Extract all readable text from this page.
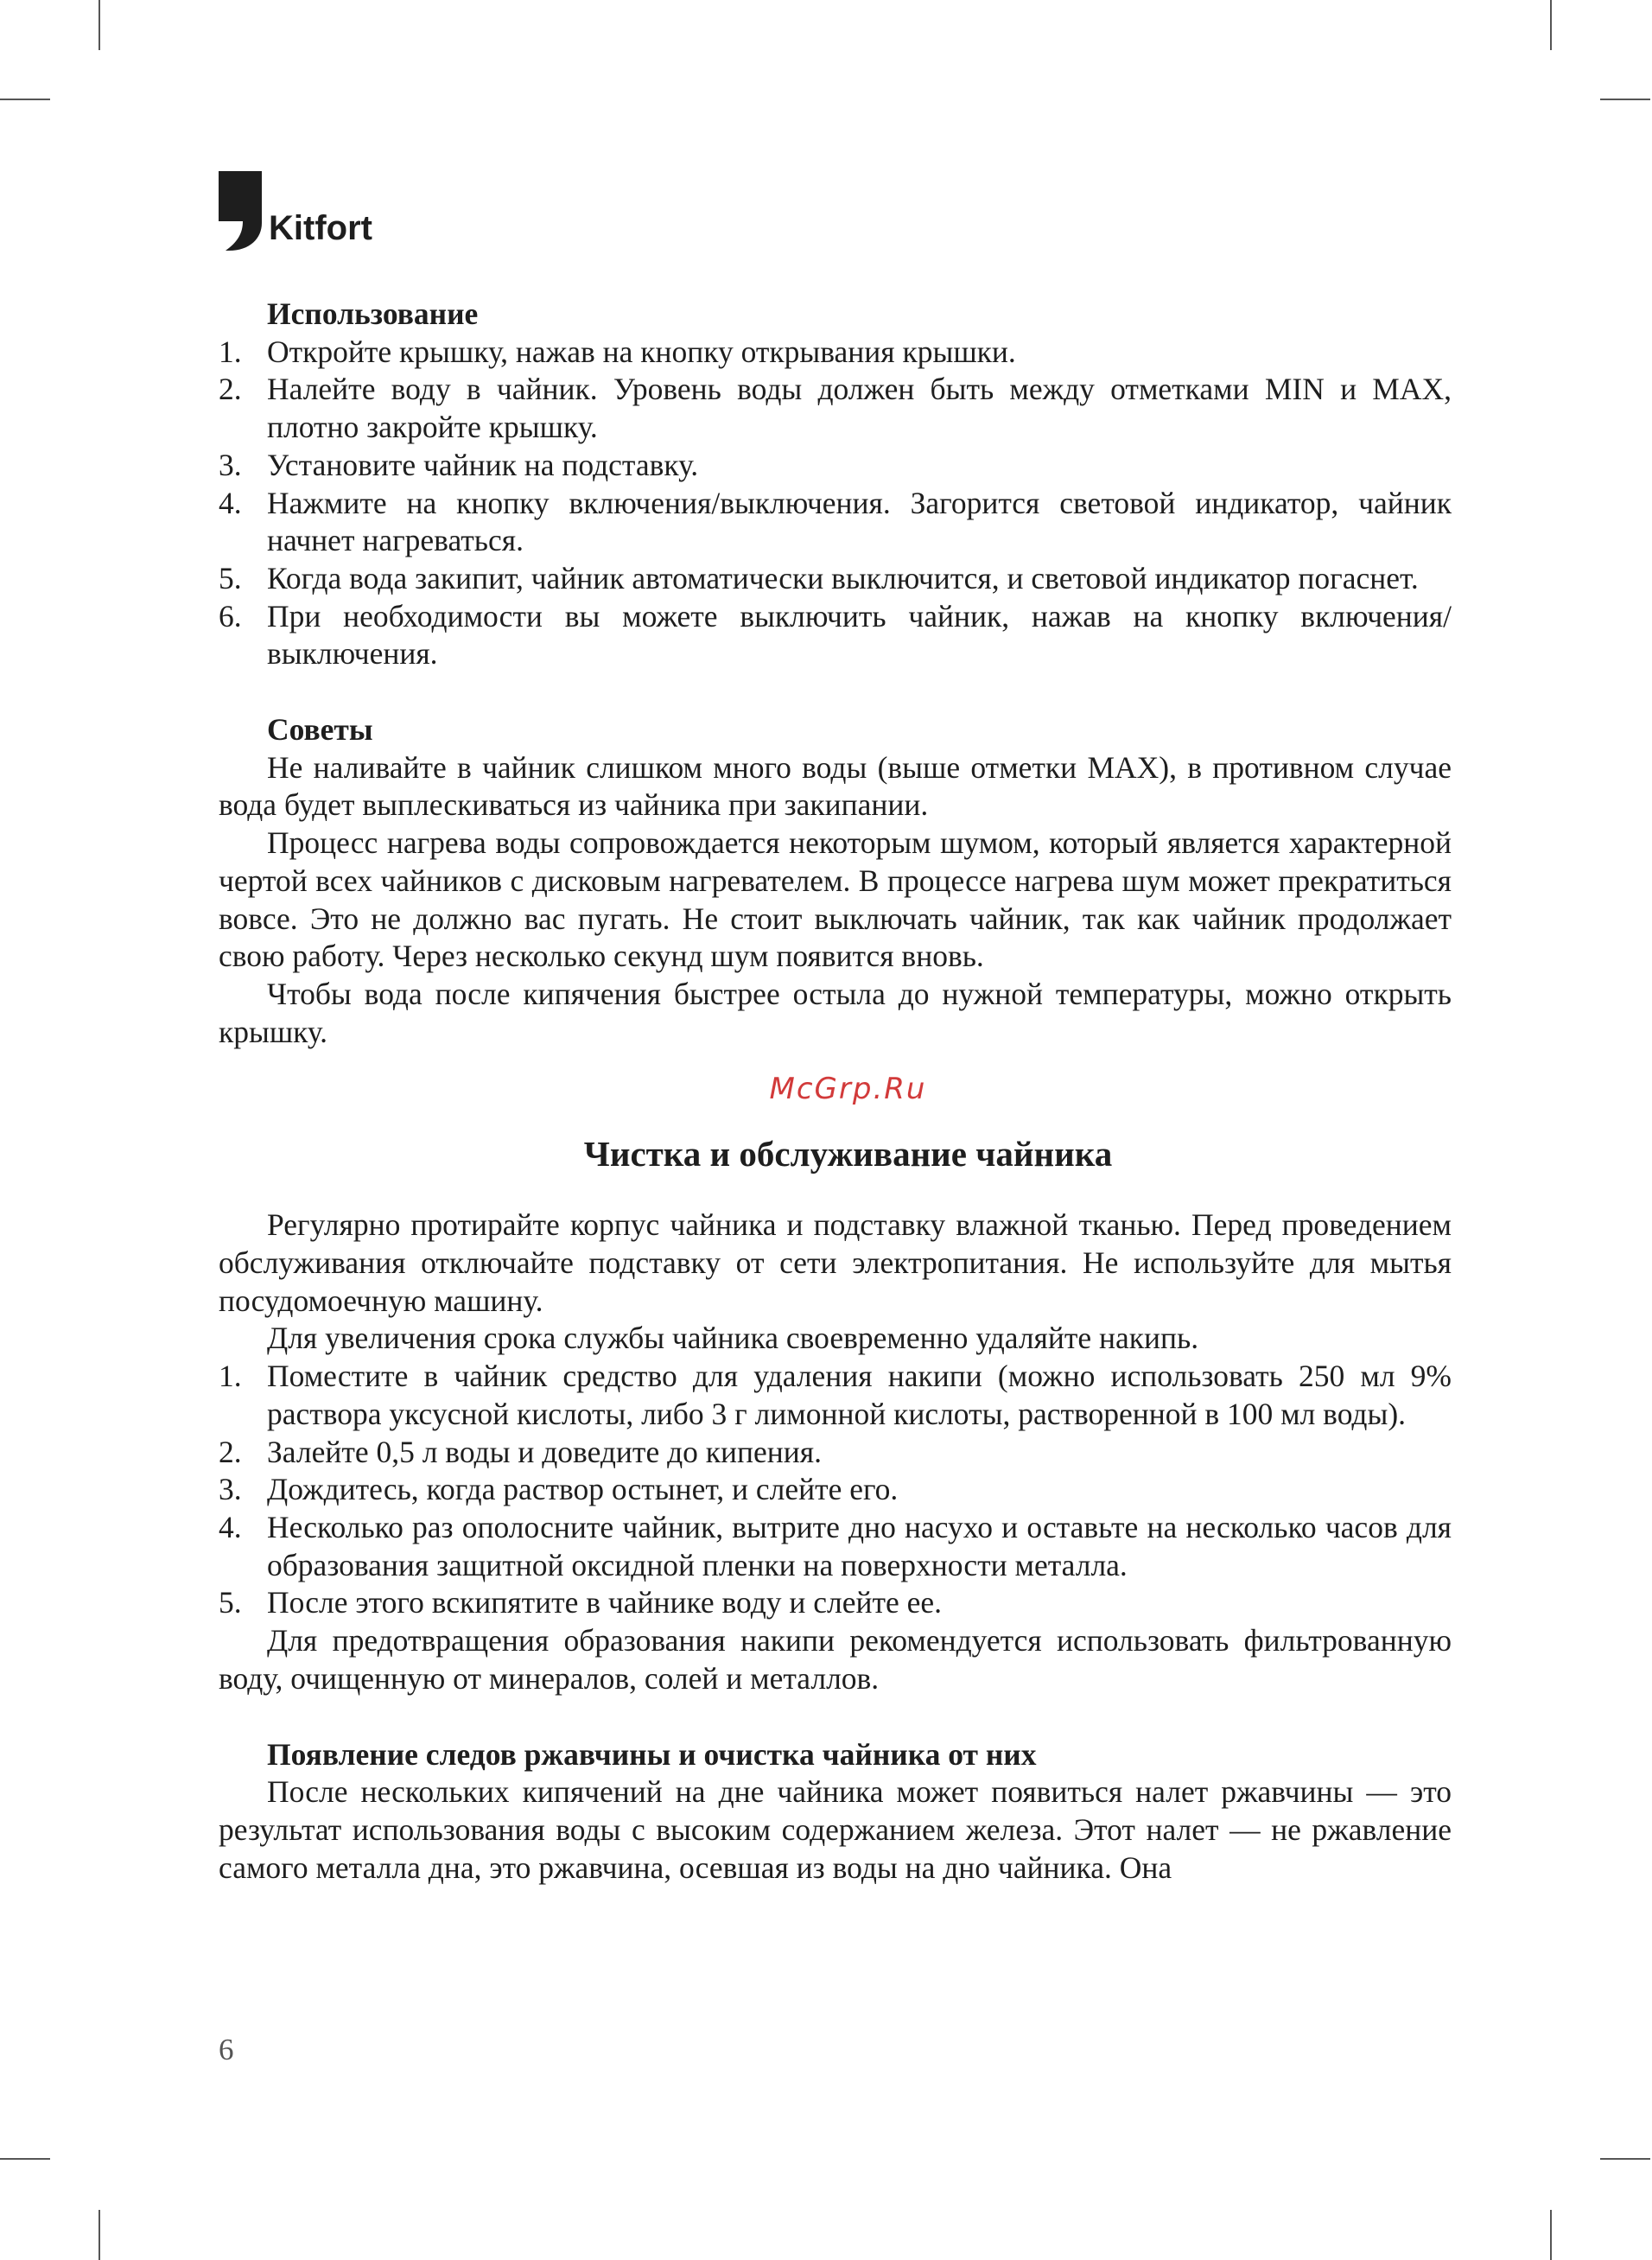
Kitfort

Использование

1. Откройте крышку, нажав на кнопку открывания крышки.
2. Налейте воду в чайник. Уровень воды должен быть между отметками MIN и MAX, плотно закройте крышку.
3. Установите чайник на подставку.
4. Нажмите на кнопку включения/выключения. Загорится световой индикатор, чайник начнет нагреваться.
5. Когда вода закипит, чайник автоматически выключится, и световой индикатор погаснет.
6. При необходимости вы можете выключить чайник, нажав на кнопку включения/выключения.

Советы

Не наливайте в чайник слишком много воды (выше отметки MAX), в противном случае вода будет выплескиваться из чайника при закипании.

Процесс нагрева воды сопровождается некоторым шумом, который является характерной чертой всех чайников с дисковым нагревателем. В процессе нагрева шум может прекратиться вовсе. Это не должно вас пугать. Не стоит выключать чайник, так как чайник продолжает свою работу. Через несколько секунд шум появится вновь.

Чтобы вода после кипячения быстрее остыла до нужной температуры, можно открыть крышку.

McGrp.Ru
Чистка и обслуживание чайника

Регулярно протирайте корпус чайника и подставку влажной тканью. Перед проведением обслуживания отключайте подставку от сети электропитания. Не используйте для мытья посудомоечную машину.

Для увеличения срока службы чайника своевременно удаляйте накипь.

1. Поместите в чайник средство для удаления накипи (можно использовать 250 мл 9% раствора уксусной кислоты, либо 3 г лимонной кислоты, растворенной в 100 мл воды).
2. Залейте 0,5 л воды и доведите до кипения.
3. Дождитесь, когда раствор остынет, и слейте его.
4. Несколько раз ополосните чайник, вытрите дно насухо и оставьте на несколько часов для образования защитной оксидной пленки на поверхности металла.
5. После этого вскипятите в чайнике воду и слейте ее.

Для предотвращения образования накипи рекомендуется использовать фильтрованную воду, очищенную от минералов, солей и металлов.

Появление следов ржавчины и очистка чайника от них

После нескольких кипячений на дне чайника может появиться налет ржавчины — это результат использования воды с высоким содержанием железа. Этот налет — не ржавление самого металла дна, это ржавчина, осевшая из воды на дно чайника. Она

6
